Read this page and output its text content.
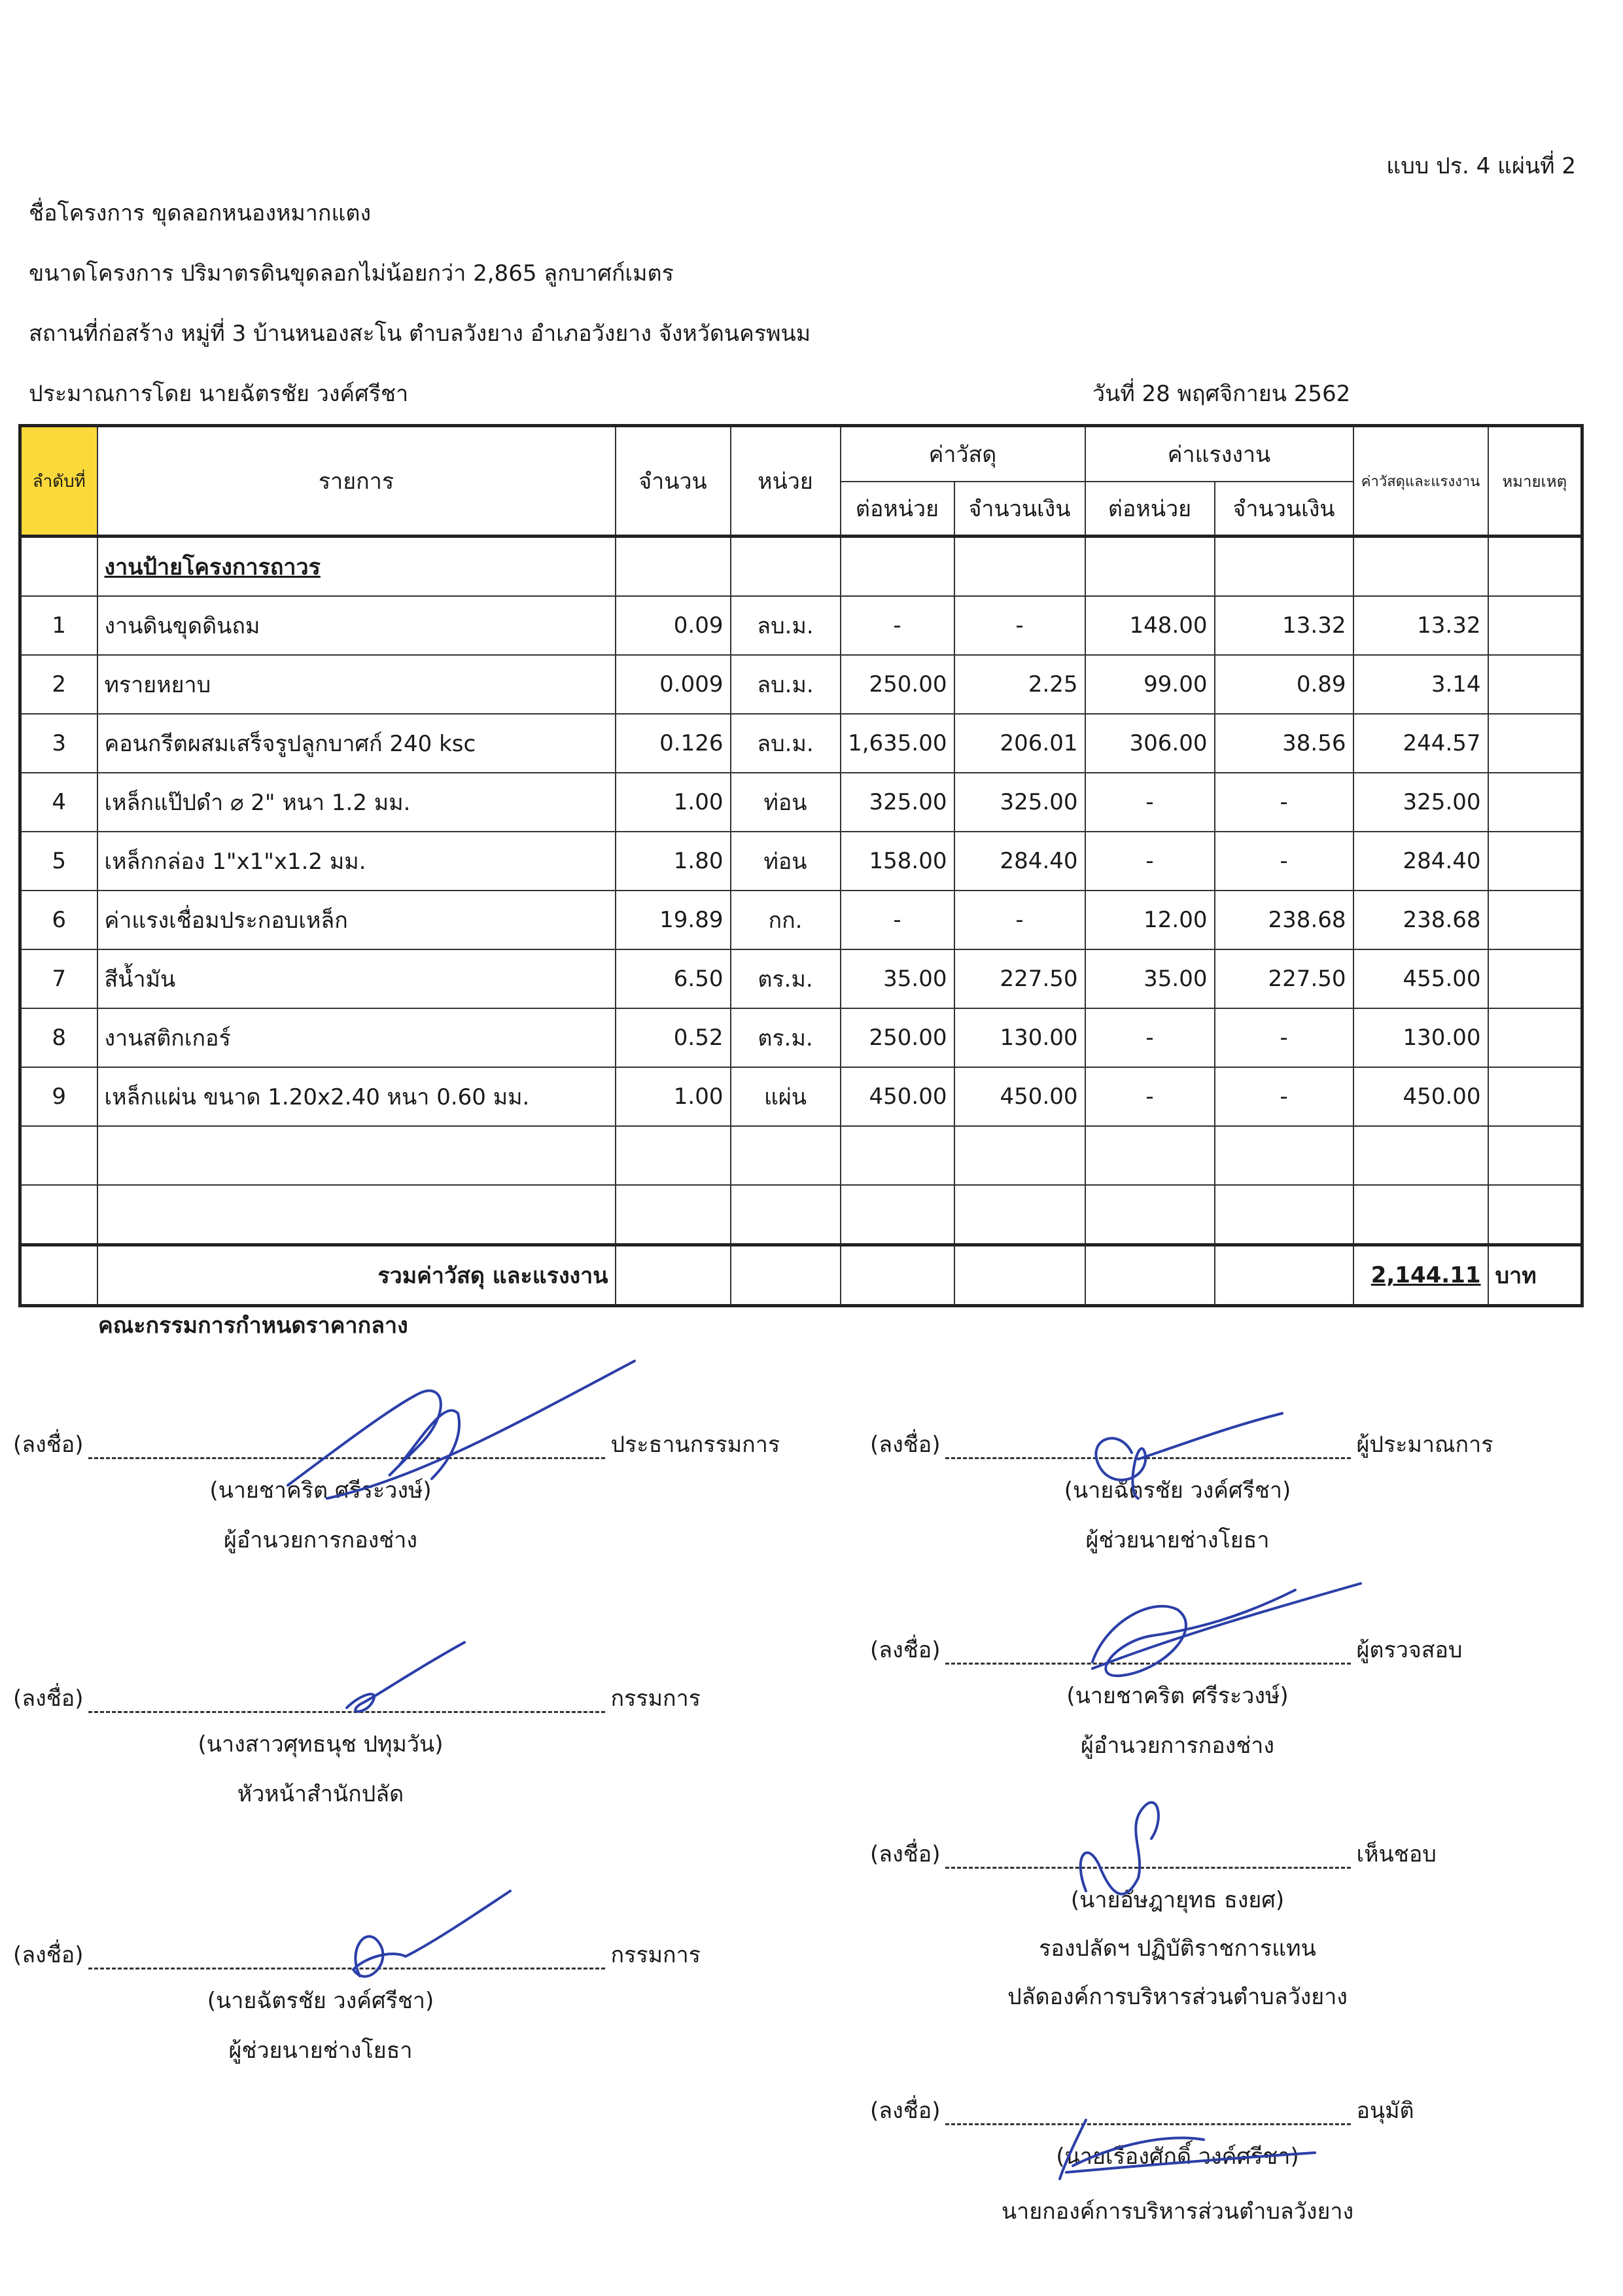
แบบ ปร. 4 แผ่นที่ 2
ชื่อโครงการ ขุดลอกหนองหมากแตง
ขนาดโครงการ ปริมาตรดินขุดลอกไม่น้อยกว่า 2,865 ลูกบาศก์เมตร
สถานที่ก่อสร้าง หมู่ที่ 3 บ้านหนองสะโน ตำบลวังยาง อำเภอวังยาง จังหวัดนครพนม
ประมาณการโดย นายฉัตรชัย วงค์ศรีชา	วันที่ 28 พฤศจิกายน 2562
ลำดับที่	รายการ	จำนวน	หน่วย	ค่าวัสดุ		ค่าแรงงาน		ค่าวัสดุและแรงงาน	หมายเหตุ
				ต่อหน่วย	จำนวนเงิน	ต่อหน่วย	จำนวนเงิน		
	งานป้ายโครงการถาวร								
1	งานดินขุดดินถม	0.09	ลบ.ม.	-	-	148.00	13.32	13.32	
2	ทรายหยาบ	0.009	ลบ.ม.	250.00	2.25	99.00	0.89	3.14	
3	คอนกรีตผสมเสร็จรูปลูกบาศก์ 240 ksc	0.126	ลบ.ม.	1,635.00	206.01	306.00	38.56	244.57	
4	เหล็กแป๊ปดำ ⌀ 2" หนา 1.2 มม.	1.00	ท่อน	325.00	325.00	-	-	325.00	
5	เหล็กกล่อง 1"x1"x1.2 มม.	1.80	ท่อน	158.00	284.40	-	-	284.40	
6	ค่าแรงเชื่อมประกอบเหล็ก	19.89	กก.	-	-	12.00	238.68	238.68	
7	สีน้ำมัน	6.50	ตร.ม.	35.00	227.50	35.00	227.50	455.00	
8	งานสติกเกอร์	0.52	ตร.ม.	250.00	130.00	-	-	130.00	
9	เหล็กแผ่น ขนาด 1.20x2.40 หนา 0.60 มม.	1.00	แผ่น	450.00	450.00	-	-	450.00	

	รวมค่าวัสดุ และแรงงาน							2,144.11	บาท
คณะกรรมการกำหนดราคากลาง
(ลงชื่อ)	ประธานกรรมการ
(นายชาคริต ศรีระวงษ์)
ผู้อำนวยการกองช่าง
(ลงชื่อ)	กรรมการ
(นางสาวศุทธนุช ปทุมวัน)
หัวหน้าสำนักปลัด
(ลงชื่อ)	กรรมการ
(นายฉัตรชัย วงค์ศรีชา)
ผู้ช่วยนายช่างโยธา
(ลงชื่อ)	ผู้ประมาณการ
(นายฉัตรชัย วงค์ศรีชา)
ผู้ช่วยนายช่างโยธา
(ลงชื่อ)	ผู้ตรวจสอบ
(นายชาคริต ศรีระวงษ์)
ผู้อำนวยการกองช่าง
(ลงชื่อ)	เห็นชอบ
(นายอัษฎายุทธ ธงยศ)
รองปลัดฯ ปฏิบัติราชการแทน
ปลัดองค์การบริหารส่วนตำบลวังยาง
(ลงชื่อ)	อนุมัติ
(นายเรืองศักดิ์ วงค์ศรีชา)
นายกองค์การบริหารส่วนตำบลวังยาง
